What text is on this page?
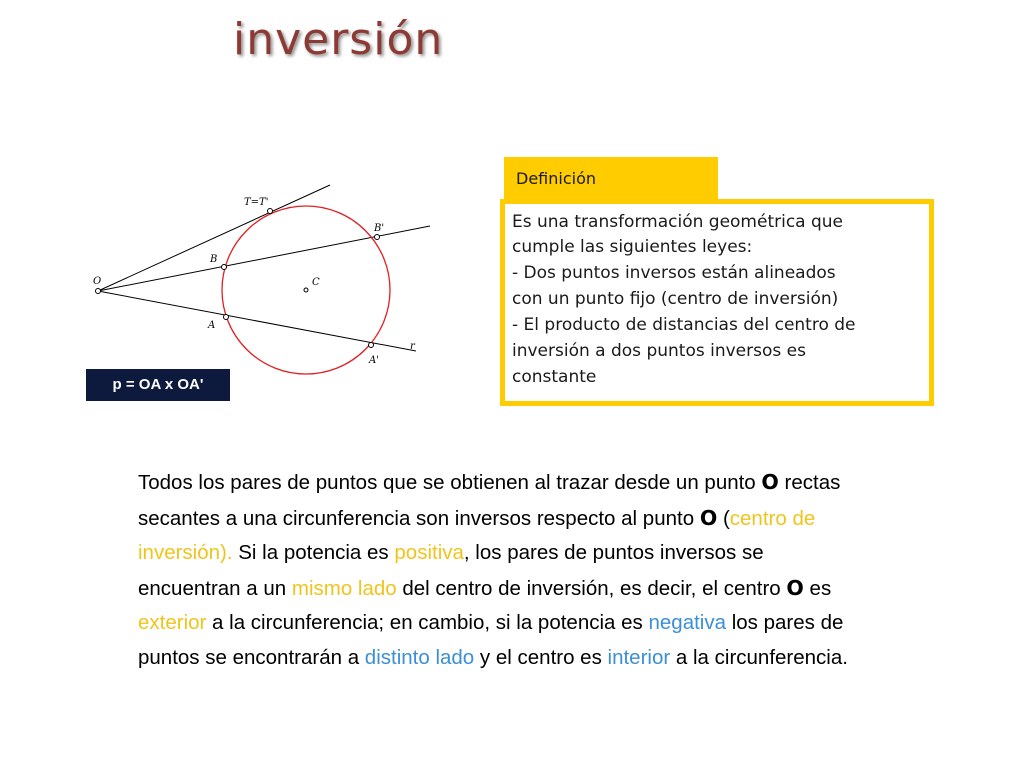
inversión
O
T=T'
B
B'
C
A
A'
r
p = OA x OA'
Definición
Es una transformación geométrica que
cumple las siguientes leyes:
- Dos puntos inversos están alineados
con un punto fijo (centro de inversión)
- El producto de distancias del centro de
inversión a dos puntos inversos es
constante
Todos los pares de puntos que se obtienen al trazar desde un punto O rectas
secantes a una circunferencia son inversos respecto al punto O (centro de
inversión). Si la potencia es positiva, los pares de puntos inversos se
encuentran a un mismo lado del centro de inversión, es decir, el centro O es
exterior a la circunferencia; en cambio, si la potencia es negativa los pares de
puntos se encontrarán a distinto lado y el centro es interior a la circunferencia.
